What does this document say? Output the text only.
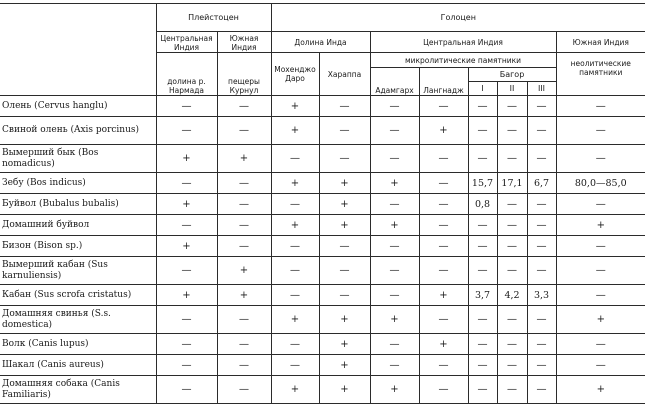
	Плейстоцен		Голоцен							
	Центральная Индия	Южная Индия	Долина Инда		Центральная Индия					Южная Индия
	долина р. Нармада	пещеры Курнул	Мохенджо Даро	Хараппа	микролитические памятники					неолитические памятники
					Адамгарх	Лангнадж	Багор			
							I	II	III	
Олень (Cervus hanglu)	—	—	+	—	—	—	—	—	—	—
Свиной олень (Axis porcinus)	—	—	+	—	—	+	—	—	—	—
Вымерший бык (Bos nomadicus)	+	+	—	—	—	—	—	—	—	—
Зебу (Bos indicus)	—	—	+	+	+	—	15,7	17,1	6,7	80,0—85,0
Буйвол (Bubalus bubalis)	+	—	—	+	—	—	0,8	—	—	—
Домашний буйвол	—	—	+	+	+	—	—	—	—	+
Бизон (Bison sp.)	+	—	—	—	—	—	—	—	—	—
Вымерший кабан (Sus karnuliensis)	—	+	—	—	—	—	—	—	—	—
Кабан (Sus scrofa cristatus)	+	+	—	—	—	+	3,7	4,2	3,3	—
Домашняя свинья (S.s. domestica)	—	—	+	+	+	—	—	—	—	+
Волк (Canis lupus)	—	—	—	+	—	+	—	—	—	—
Шакал (Canis aureus)	—	—	—	+	—	—	—	—	—	—
Домашняя собака (Canis Familiaris)	—	—	+	+	+	—	—	—	—	+
